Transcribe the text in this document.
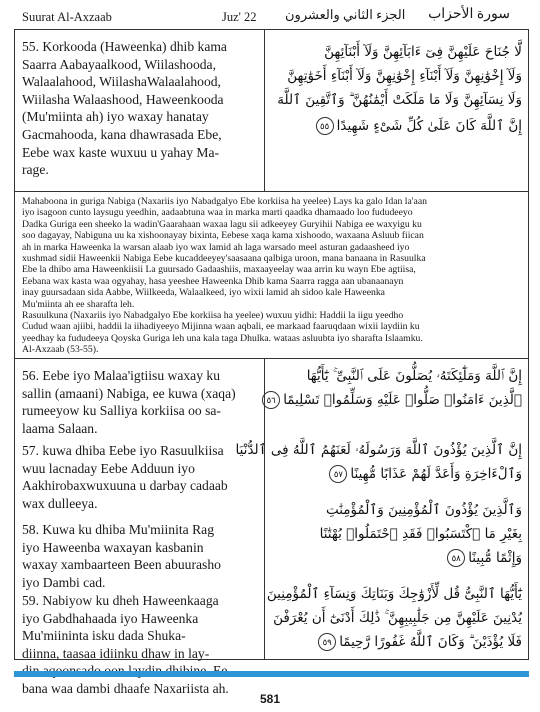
Suurat Al-Axzaab	Juz' 22 الجزء الثاني والعشرون سورة الأحزاب
55. Korkooda (Haweenka) dhib kama
Saarra Aabayaalkood, Wiilashooda,
Walaalahood, WiilashaWalaalahood,
Wiilasha Walaashood, Haweenkooda
(Mu'miinta ah) iyo waxay hanatay
Gacmahooda, kana dhawrasada Ebe,
Eebe wax kaste wuxuu u yahay Ma-
rage.
لَّا جُنَاحَ عَلَيْهِنَّ فِىٓ ءَابَآئِهِنَّ وَلَآ أَبْنَآئِهِنَّ
وَلَآ إِخْوَٰنِهِنَّ وَلَآ أَبْنَآءِ إِخْوَٰنِهِنَّ وَلَآ أَبْنَآءِ أَخَوَٰتِهِنَّ
وَلَا نِسَآئِهِنَّ وَلَا مَا مَلَكَتْ أَيْمَٰنُهُنَّ ۗ وَٱتَّقِينَ ٱللَّهَ
إِنَّ ٱللَّهَ كَانَ عَلَىٰ كُلِّ شَىْءٍ شَهِيدًا٥٥
Mahaboona in guriga Nabiga (Naxariis iyo Nabadgalyo Ebe korkiisa ha yeelee) Lays ka galo Idan la'aan
iyo isagoon cunto laysugu yeedhin, aadaabtuna waa in marka marti qaadka dhamaado loo fududeeyo
Dadka Guriga een sheeko la wadin'Gaarahaan waxaa lagu sii adkeeyey Guryihii Nabiga ee waxyigu ku
soo dagayay, Nabiguna uu ka xishoonayay bixinta, Eebese xaqa kama xishoodo, waxaana Asluub fiican
ah in marka Haweenka la warsan alaab iyo wax lamid ah laga warsado meel asturan gadaasheed iyo
xushmad sidii Haweenkii Nabiga Eebe kucaddeeyey'saasaana qalbiga uroon, mana banaana in Rasuulka
Ebe la dhibo ama Haweenkiisii La guursado Gadaashiis, maxaayeelay waa arrin ku wayn Ebe agtiisa,
Eebana wax kasta waa ogyahay, hasa yeeshee Haweenka Dhib kama Saarra ragga aan ubanaanayn
inay guursadaan sida Aabbe, Wiilkeeda, Walaalkeed, iyo wixii lamid ah sidoo kale Haweenka
Mu'miinta ah ee sharafta leh.
Rasuulkuna (Naxariis iyo Nabadgalyo Ebe korkiisa ha yeelee) wuxuu yidhi: Haddii la iigu yeedho
Cudud waan ajiibi, haddii la iihadiyeeyo Mijinna waan aqbali, ee markaad faaruqdaan wixii laydiin ku
yeedhay ka fududeeya Qoyska Guriga leh una kala taga Dhulka. wataas asluubta iyo sharafta Islaamku.
Al-Axzaab (53-55).
56. Eebe iyo Malaa'igtiisu waxay ku
sallin (amaani) Nabiga, ee kuwa (xaqa)
rumeeyow ku Salliya korkiisa oo sa-
laama Salaan.
إِنَّ ٱللَّهَ وَمَلَٰٓئِكَتَهُۥ يُصَلُّونَ عَلَى ٱلنَّبِىِّ ۚ يَٰٓأَيُّهَا
ٱلَّذِينَ ءَامَنُوا۟ صَلُّوا۟ عَلَيْهِ وَسَلِّمُوا۟ تَسْلِيمًا٥٦
57. kuwa dhiba Eebe iyo Rasuulkiisa
wuu lacnaday Eebe Adduun iyo
Aakhirobaxwuxuuna u darbay cadaab
wax dulleeya.
إِنَّ ٱلَّذِينَ يُؤْذُونَ ٱللَّهَ وَرَسُولَهُۥ لَعَنَهُمُ ٱللَّهُ فِى ٱلدُّنْيَا
وَٱلْءَاخِرَةِ وَأَعَدَّ لَهُمْ عَذَابًا مُّهِينًا٥٧
58. Kuwa ku dhiba Mu'miinita Rag
iyo Haweenba waxayan kasbanin
waxay xambaarteen Been abuurasho
iyo Dambi cad.
وَٱلَّذِينَ يُؤْذُونَ ٱلْمُؤْمِنِينَ وَٱلْمُؤْمِنَٰتِ
بِغَيْرِ مَا ٱكْتَسَبُوا۟ فَقَدِ ٱحْتَمَلُوا۟ بُهْتَٰنًا
وَإِثْمًا مُّبِينًا٥٨
59. Nabiyow ku dheh Haweenkaaga
iyo Gabdhahaada iyo Haweenka
Mu'miininta isku dada Shuka-
diinna, taasaa idiinku dhaw in lay-
bana waa dambi dhaafe Naxariista ah.
يَٰٓأَيُّهَا ٱلنَّبِىُّ قُل لِّأَزْوَٰجِكَ وَبَنَاتِكَ وَنِسَآءِ ٱلْمُؤْمِنِينَ
يُدْنِينَ عَلَيْهِنَّ مِن جَلَٰبِيبِهِنَّ ۚ ذَٰلِكَ أَدْنَىٰٓ أَن يُعْرَفْنَ
فَلَا يُؤْذَيْنَ ۗ وَكَانَ ٱللَّهُ غَفُورًا رَّحِيمًا٥٩
581
